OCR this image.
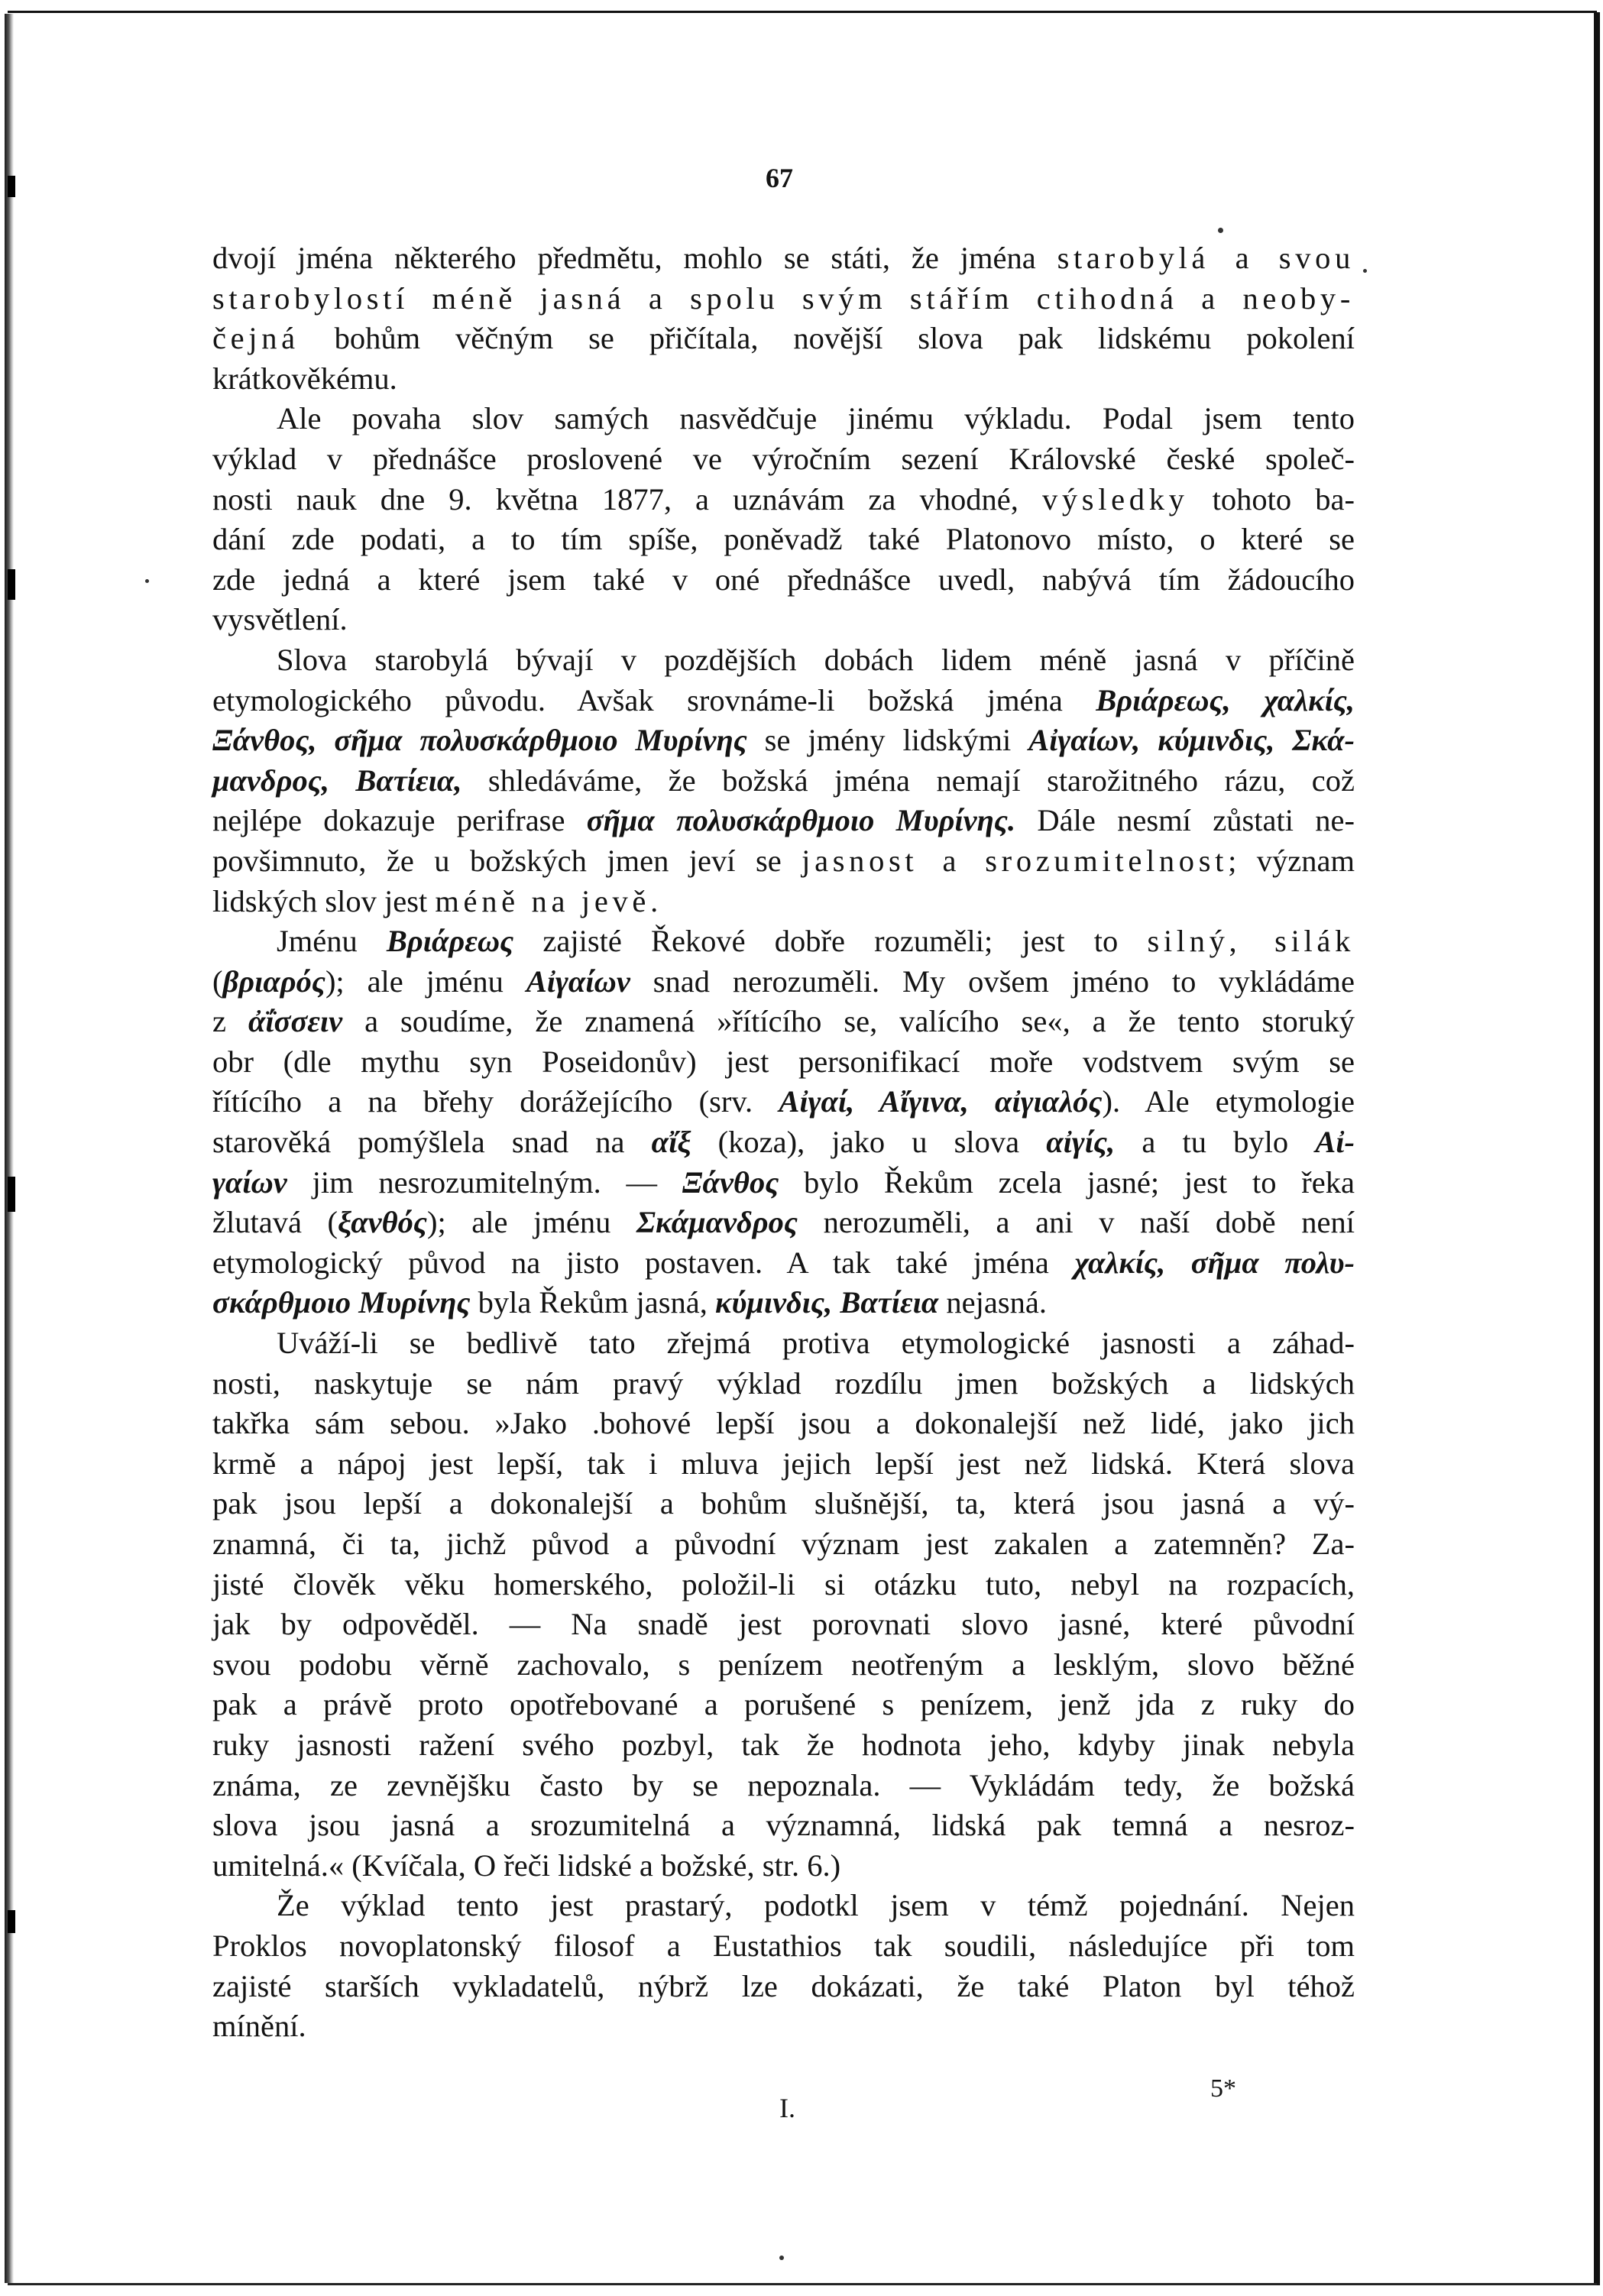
67
dvojí jména některého předmětu, mohlo se státi, že jména starobylá a svou
starobylostí méně jasná a spolu svým stářím ctihodná a neoby-
čejná bohům věčným se přičítala, novější slova pak lidskému pokolení
krátkověkému.
Ale povaha slov samých nasvědčuje jinému výkladu. Podal jsem tento
výklad v přednášce proslovené ve výročním sezení Královské české společ-
nosti nauk dne 9. května 1877, a uznávám za vhodné, výsledky tohoto ba-
dání zde podati, a to tím spíše, poněvadž také Platonovo místo, o které se
zde jedná a které jsem také v oné přednášce uvedl, nabývá tím žádoucího
vysvětlení.
Slova starobylá bývají v pozdějších dobách lidem méně jasná v příčině
etymologického původu. Avšak srovnáme-li božská jména Βριάρεως, χαλκίς,
Ξάνθος, σῆμα πολυσκάρθμοιο Μυρίνης se jmény lidskými Αἰγαίων, κύμινδις, Σκά-
μανδρος, Βατίεια, shledáváme, že božská jména nemají starožitného rázu, což
nejlépe dokazuje perifrase σῆμα πολυσκάρθμοιο Μυρίνης. Dále nesmí zůstati ne-
povšimnuto, že u božských jmen jeví se jasnost a srozumitelnost; význam
lidských slov jest méně na jevě.
Jménu Βριάρεως zajisté Řekové dobře rozuměli; jest to silný, silák
(βριαρός); ale jménu Αἰγαίων snad nerozuměli. My ovšem jméno to vykládáme
z ἀΐσσειν a soudíme, že znamená »řítícího se, valícího se«, a že tento storuký
obr (dle mythu syn Poseidonův) jest personifikací moře vodstvem svým se
řítícího a na břehy dorážejícího (srv. Αἰγαί, Αἴγινα, αἰγιαλός). Ale etymologie
starověká pomýšlela snad na αἴξ (koza), jako u slova αἰγίς, a tu bylo Αἰ-
γαίων jim nesrozumitelným. — Ξάνθος bylo Řekům zcela jasné; jest to řeka
žlutavá (ξανθός); ale jménu Σκάμανδρος nerozuměli, a ani v naší době není
etymologický původ na jisto postaven. A tak také jména χαλκίς, σῆμα πολυ-
σκάρθμοιο Μυρίνης byla Řekům jasná, κύμινδις, Βατίεια nejasná.
Uváží-li se bedlivě tato zřejmá protiva etymologické jasnosti a záhad-
nosti, naskytuje se nám pravý výklad rozdílu jmen božských a lidských
takřka sám sebou. »Jako .bohové lepší jsou a dokonalejší než lidé, jako jich
krmě a nápoj jest lepší, tak i mluva jejich lepší jest než lidská. Která slova
pak jsou lepší a dokonalejší a bohům slušnější, ta, která jsou jasná a vý-
znamná, či ta, jichž původ a původní význam jest zakalen a zatemněn? Za-
jisté člověk věku homerského, položil-li si otázku tuto, nebyl na rozpacích,
jak by odpověděl. — Na snadě jest porovnati slovo jasné, které původní
svou podobu věrně zachovalo, s penízem neotřeným a lesklým, slovo běžné
pak a právě proto opotřebované a porušené s penízem, jenž jda z ruky do
ruky jasnosti ražení svého pozbyl, tak že hodnota jeho, kdyby jinak nebyla
známa, ze zevnějšku často by se nepoznala. — Vykládám tedy, že božská
slova jsou jasná a srozumitelná a významná, lidská pak temná a nesroz-
umitelná.« (Kvíčala, O řeči lidské a božské, str. 6.)
Že výklad tento jest prastarý, podotkl jsem v témž pojednání. Nejen
Proklos novoplatonský filosof a Eustathios tak soudili, následujíce při tom
zajisté starších vykladatelů, nýbrž lze dokázati, že také Platon byl téhož
mínění.
I.
5*
